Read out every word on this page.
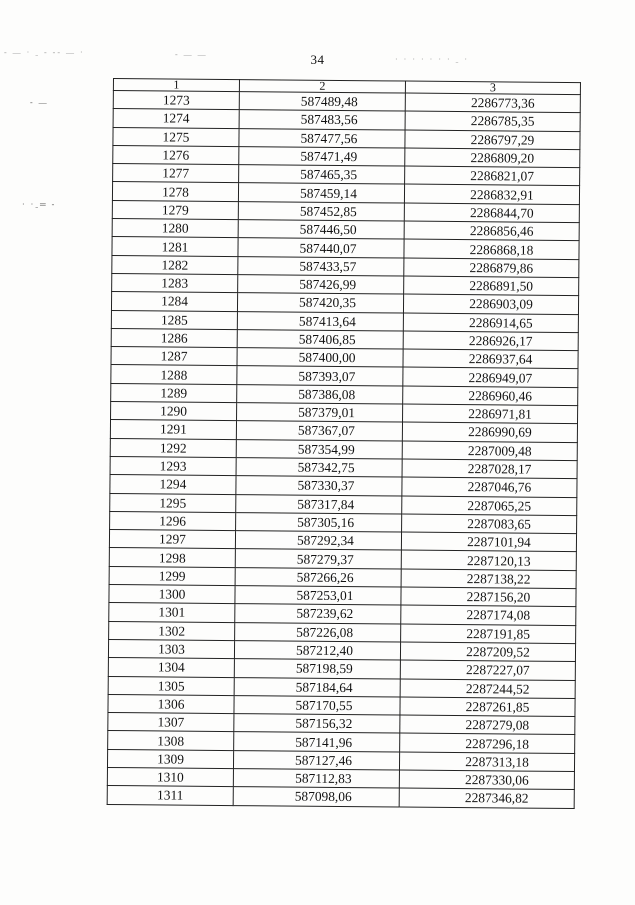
- ― · ˍ ‐ -- ― ·	- ― ―
· · · · · · · ˍ ·
‐ ―
· ·ˍ═ ‐
34
1	2	3
1273	587489,48	2286773,36
1274	587483,56	2286785,35
1275	587477,56	2286797,29
1276	587471,49	2286809,20
1277	587465,35	2286821,07
1278	587459,14	2286832,91
1279	587452,85	2286844,70
1280	587446,50	2286856,46
1281	587440,07	2286868,18
1282	587433,57	2286879,86
1283	587426,99	2286891,50
1284	587420,35	2286903,09
1285	587413,64	2286914,65
1286	587406,85	2286926,17
1287	587400,00	2286937,64
1288	587393,07	2286949,07
1289	587386,08	2286960,46
1290	587379,01	2286971,81
1291	587367,07	2286990,69
1292	587354,99	2287009,48
1293	587342,75	2287028,17
1294	587330,37	2287046,76
1295	587317,84	2287065,25
1296	587305,16	2287083,65
1297	587292,34	2287101,94
1298	587279,37	2287120,13
1299	587266,26	2287138,22
1300	587253,01	2287156,20
1301	587239,62	2287174,08
1302	587226,08	2287191,85
1303	587212,40	2287209,52
1304	587198,59	2287227,07
1305	587184,64	2287244,52
1306	587170,55	2287261,85
1307	587156,32	2287279,08
1308	587141,96	2287296,18
1309	587127,46	2287313,18
1310	587112,83	2287330,06
1311	587098,06	2287346,82
